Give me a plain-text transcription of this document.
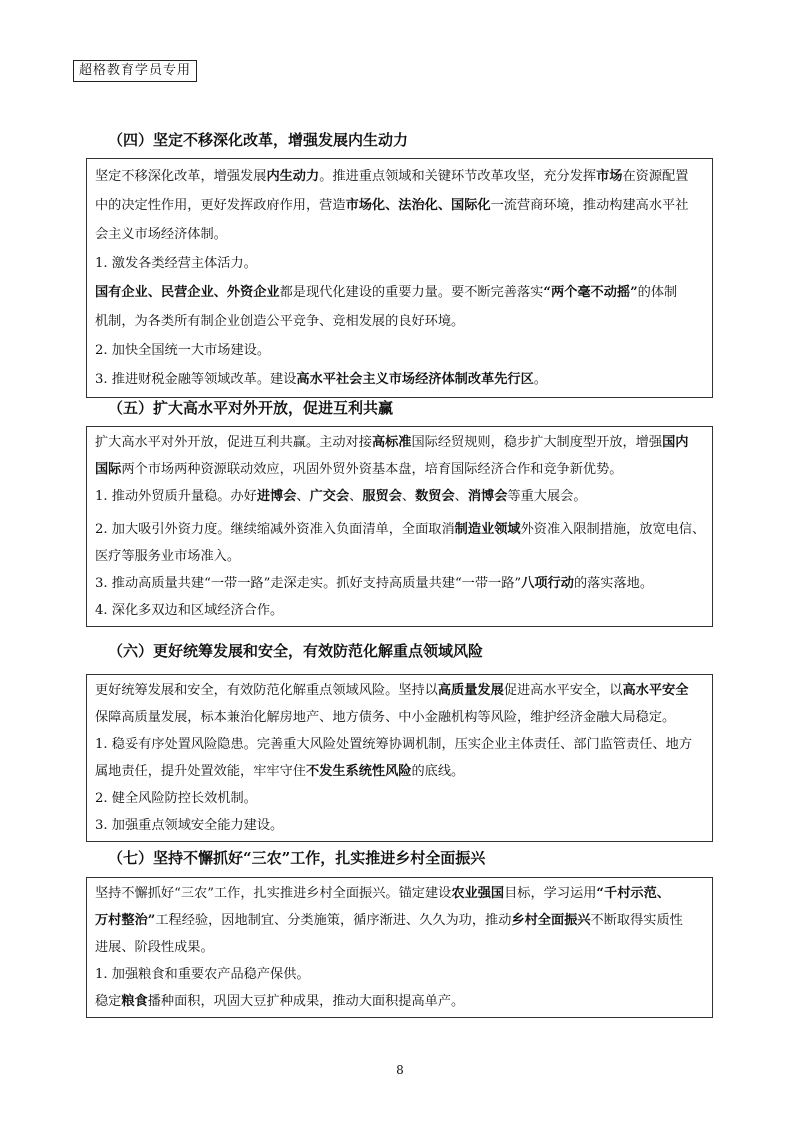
超格教育学员专用
（四）坚定不移深化改革，增强发展内生动力

坚定不移深化改革，增强发展内生动力。推进重点领域和关键环节改革攻坚，充分发挥市场在资源配置

中的决定性作用，更好发挥政府作用，营造市场化、法治化、国际化一流营商环境，推动构建高水平社

会主义市场经济体制。

1. 激发各类经营主体活力。

国有企业、民营企业、外资企业都是现代化建设的重要力量。要不断完善落实“两个毫不动摇”的体制

机制，为各类所有制企业创造公平竞争、竞相发展的良好环境。

2. 加快全国统一大市场建设。

3. 推进财税金融等领域改革。建设高水平社会主义市场经济体制改革先行区。

（五）扩大高水平对外开放，促进互利共赢

扩大高水平对外开放，促进互利共赢。主动对接高标准国际经贸规则，稳步扩大制度型开放，增强国内

国际两个市场两种资源联动效应，巩固外贸外资基本盘，培育国际经济合作和竞争新优势。

1. 推动外贸质升量稳。办好进博会、广交会、服贸会、数贸会、消博会等重大展会。

2. 加大吸引外资力度。继续缩减外资准入负面清单，全面取消制造业领域外资准入限制措施，放宽电信、

医疗等服务业市场准入。

3. 推动高质量共建“一带一路”走深走实。抓好支持高质量共建“一带一路”八项行动的落实落地。

4. 深化多双边和区域经济合作。

（六）更好统筹发展和安全，有效防范化解重点领域风险

更好统筹发展和安全，有效防范化解重点领域风险。坚持以高质量发展促进高水平安全，以高水平安全

保障高质量发展，标本兼治化解房地产、地方债务、中小金融机构等风险，维护经济金融大局稳定。

1. 稳妥有序处置风险隐患。完善重大风险处置统筹协调机制，压实企业主体责任、部门监管责任、地方

属地责任，提升处置效能，牢牢守住不发生系统性风险的底线。

2. 健全风险防控长效机制。

3. 加强重点领域安全能力建设。

（七）坚持不懈抓好“三农”工作，扎实推进乡村全面振兴

坚持不懈抓好“三农”工作，扎实推进乡村全面振兴。锚定建设农业强国目标，学习运用“千村示范、

万村整治”工程经验，因地制宜、分类施策，循序渐进、久久为功，推动乡村全面振兴不断取得实质性

进展、阶段性成果。

1. 加强粮食和重要农产品稳产保供。

稳定粮食播种面积，巩固大豆扩种成果，推动大面积提高单产。

8
